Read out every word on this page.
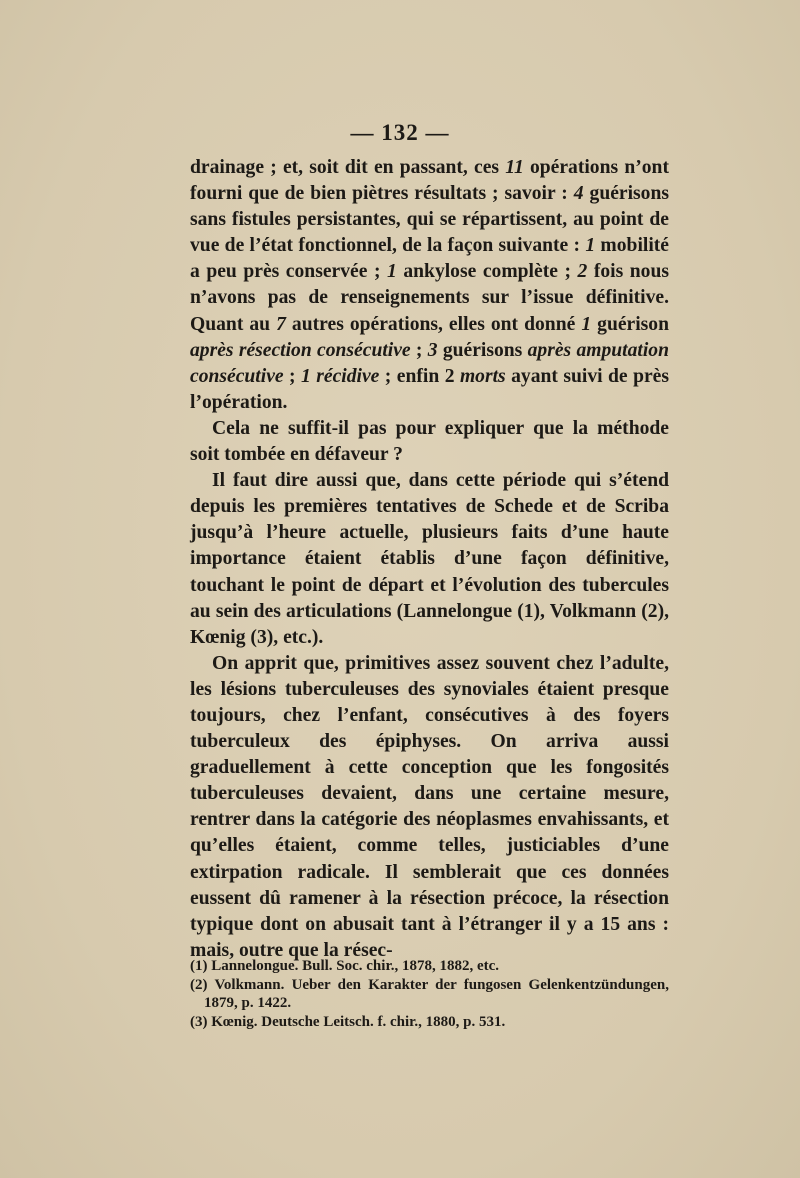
— 132 —

drainage ; et, soit dit en passant, ces 11 opérations n’ont fourni que de bien piètres résultats ; savoir : 4 guérisons sans fistules persistantes, qui se répartissent, au point de vue de l’état fonctionnel, de la façon suivante : 1 mobilité a peu près conservée ; 1 ankylose complète ; 2 fois nous n’avons pas de renseignements sur l’issue définitive. Quant au 7 autres opérations, elles ont donné 1 guérison après résection consécutive ; 3 guérisons après amputation consécutive ; 1 récidive ; enfin 2 morts ayant suivi de près l’opération.

Cela ne suffit-il pas pour expliquer que la méthode soit tombée en défaveur ?

Il faut dire aussi que, dans cette période qui s’étend depuis les premières tentatives de Schede et de Scriba jusqu’à l’heure actuelle, plusieurs faits d’une haute importance étaient établis d’une façon définitive, touchant le point de départ et l’évolution des tubercules au sein des articulations (Lannelongue (1), Volkmann (2), Kœnig (3), etc.).

On apprit que, primitives assez souvent chez l’adulte, les lésions tuberculeuses des synoviales étaient presque toujours, chez l’enfant, consécutives à des foyers tuberculeux des épiphyses. On arriva aussi graduellement à cette conception que les fongosités tuberculeuses devaient, dans une certaine mesure, rentrer dans la catégorie des néoplasmes envahissants, et qu’elles étaient, comme telles, justiciables d’une extirpation radicale. Il semblerait que ces données eussent dû ramener à la résection précoce, la résection typique dont on abusait tant à l’étranger il y a 15 ans : mais, outre que la résec-

(1) Lannelongue. Bull. Soc. chir., 1878, 1882, etc.

(2) Volkmann. Ueber den Karakter der fungosen Gelenkentzündungen, 1879, p. 1422.

(3) Kœnig. Deutsche Leitsch. f. chir., 1880, p. 531.
